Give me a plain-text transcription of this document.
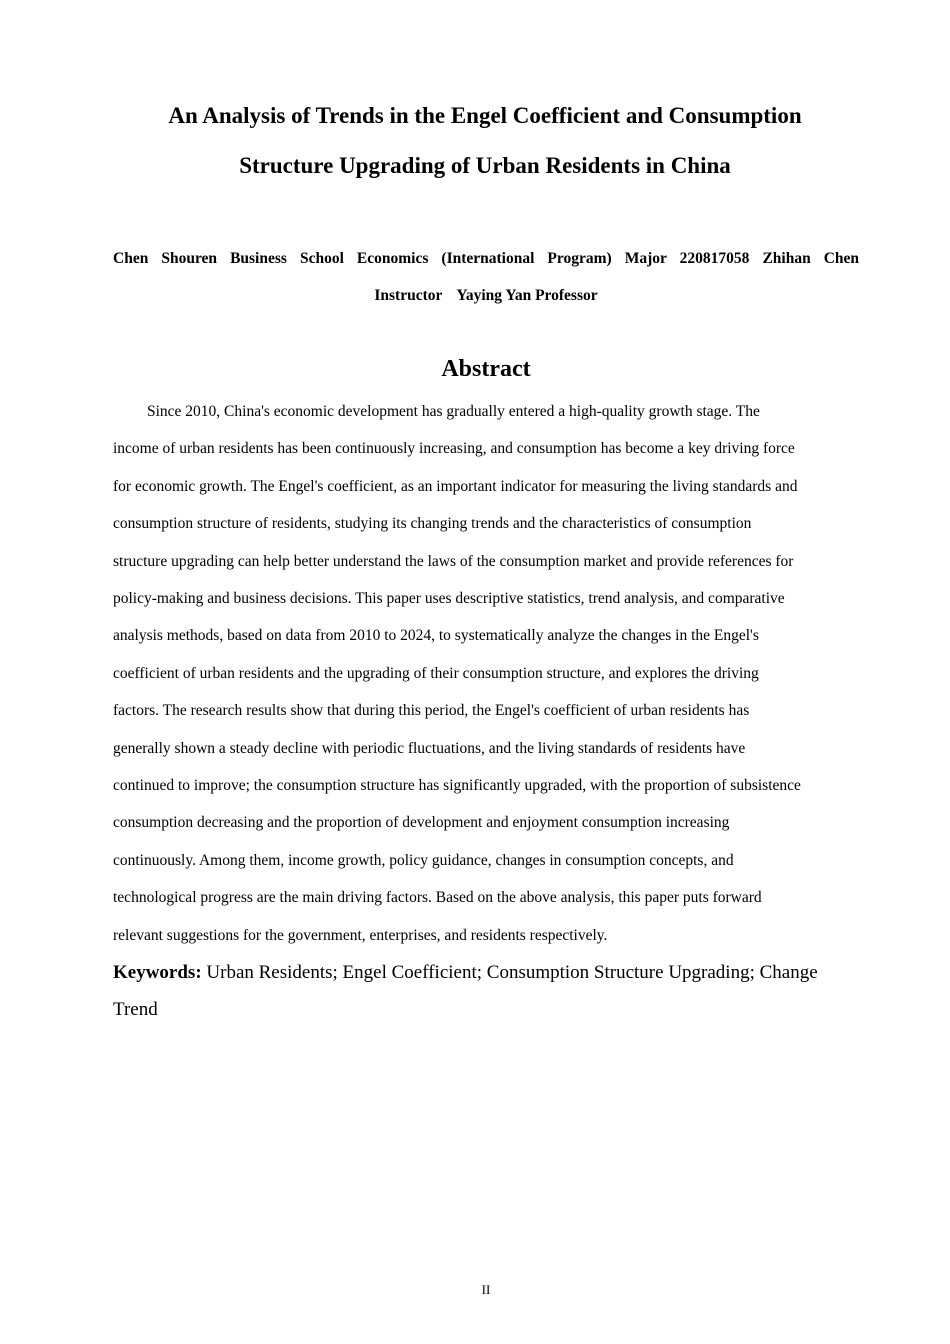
An Analysis of Trends in the Engel Coefficient and Consumption
Structure Upgrading of Urban Residents in China

Chen Shouren Business School Economics (International Program) Major 220817058 Zhihan Chen

Instructor Yaying Yan Professor

Abstract

Since 2010, China's economic development has gradually entered a high-quality growth stage. The
income of urban residents has been continuously increasing, and consumption has become a key driving force
for economic growth. The Engel's coefficient, as an important indicator for measuring the living standards and
consumption structure of residents, studying its changing trends and the characteristics of consumption
structure upgrading can help better understand the laws of the consumption market and provide references for
policy-making and business decisions. This paper uses descriptive statistics, trend analysis, and comparative
analysis methods, based on data from 2010 to 2024, to systematically analyze the changes in the Engel's
coefficient of urban residents and the upgrading of their consumption structure, and explores the driving
factors. The research results show that during this period, the Engel's coefficient of urban residents has
generally shown a steady decline with periodic fluctuations, and the living standards of residents have
continued to improve; the consumption structure has significantly upgraded, with the proportion of subsistence
consumption decreasing and the proportion of development and enjoyment consumption increasing
continuously. Among them, income growth, policy guidance, changes in consumption concepts, and
technological progress are the main driving factors. Based on the above analysis, this paper puts forward
relevant suggestions for the government, enterprises, and residents respectively.

Keywords: Urban Residents; Engel Coefficient; Consumption Structure Upgrading; Change
Trend

II
